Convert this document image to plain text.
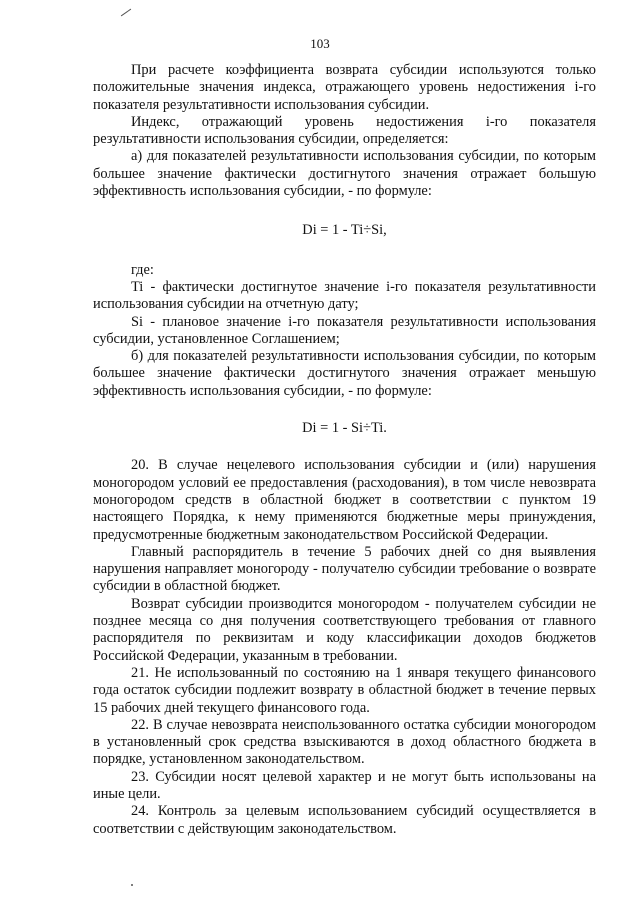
103

При расчете коэффициента возврата субсидии используются только положительные значения индекса, отражающего уровень недостижения i-го показателя результативности использования субсидии.

Индекс, отражающий уровень недостижения i-го показателя результативности использования субсидии, определяется:

а) для показателей результативности использования субсидии, по которым большее значение фактически достигнутого значения отражает большую эффективность использования субсидии, - по формуле:

Di = 1 - Ti÷Si,

где:

Ti - фактически достигнутое значение i-го показателя результативности использования субсидии на отчетную дату;

Si - плановое значение i-го показателя результативности использования субсидии, установленное Соглашением;

б) для показателей результативности использования субсидии, по которым большее значение фактически достигнутого значения отражает меньшую эффективность использования субсидии, - по формуле:

Di = 1 - Si÷Ti.

20. В случае нецелевого использования субсидии и (или) нарушения моногородом условий ее предоставления (расходования), в том числе невозврата моногородом средств в областной бюджет в соответствии с пунктом 19 настоящего Порядка, к нему применяются бюджетные меры принуждения, предусмотренные бюджетным законодательством Российской Федерации.

Главный распорядитель в течение 5 рабочих дней со дня выявления нарушения направляет моногороду - получателю субсидии требование о возврате субсидии в областной бюджет.

Возврат субсидии производится моногородом - получателем субсидии не позднее месяца со дня получения соответствующего требования от главного распорядителя по реквизитам и коду классификации доходов бюджетов Российской Федерации, указанным в требовании.

21. Не использованный по состоянию на 1 января текущего финансового года остаток субсидии подлежит возврату в областной бюджет в течение первых 15 рабочих дней текущего финансового года.

22. В случае невозврата неиспользованного остатка субсидии моногородом в установленный срок средства взыскиваются в доход областного бюджета в порядке, установленном законодательством.

23. Субсидии носят целевой характер и не могут быть использованы на иные цели.

24. Контроль за целевым использованием субсидий осуществляется в соответствии с действующим законодательством.
